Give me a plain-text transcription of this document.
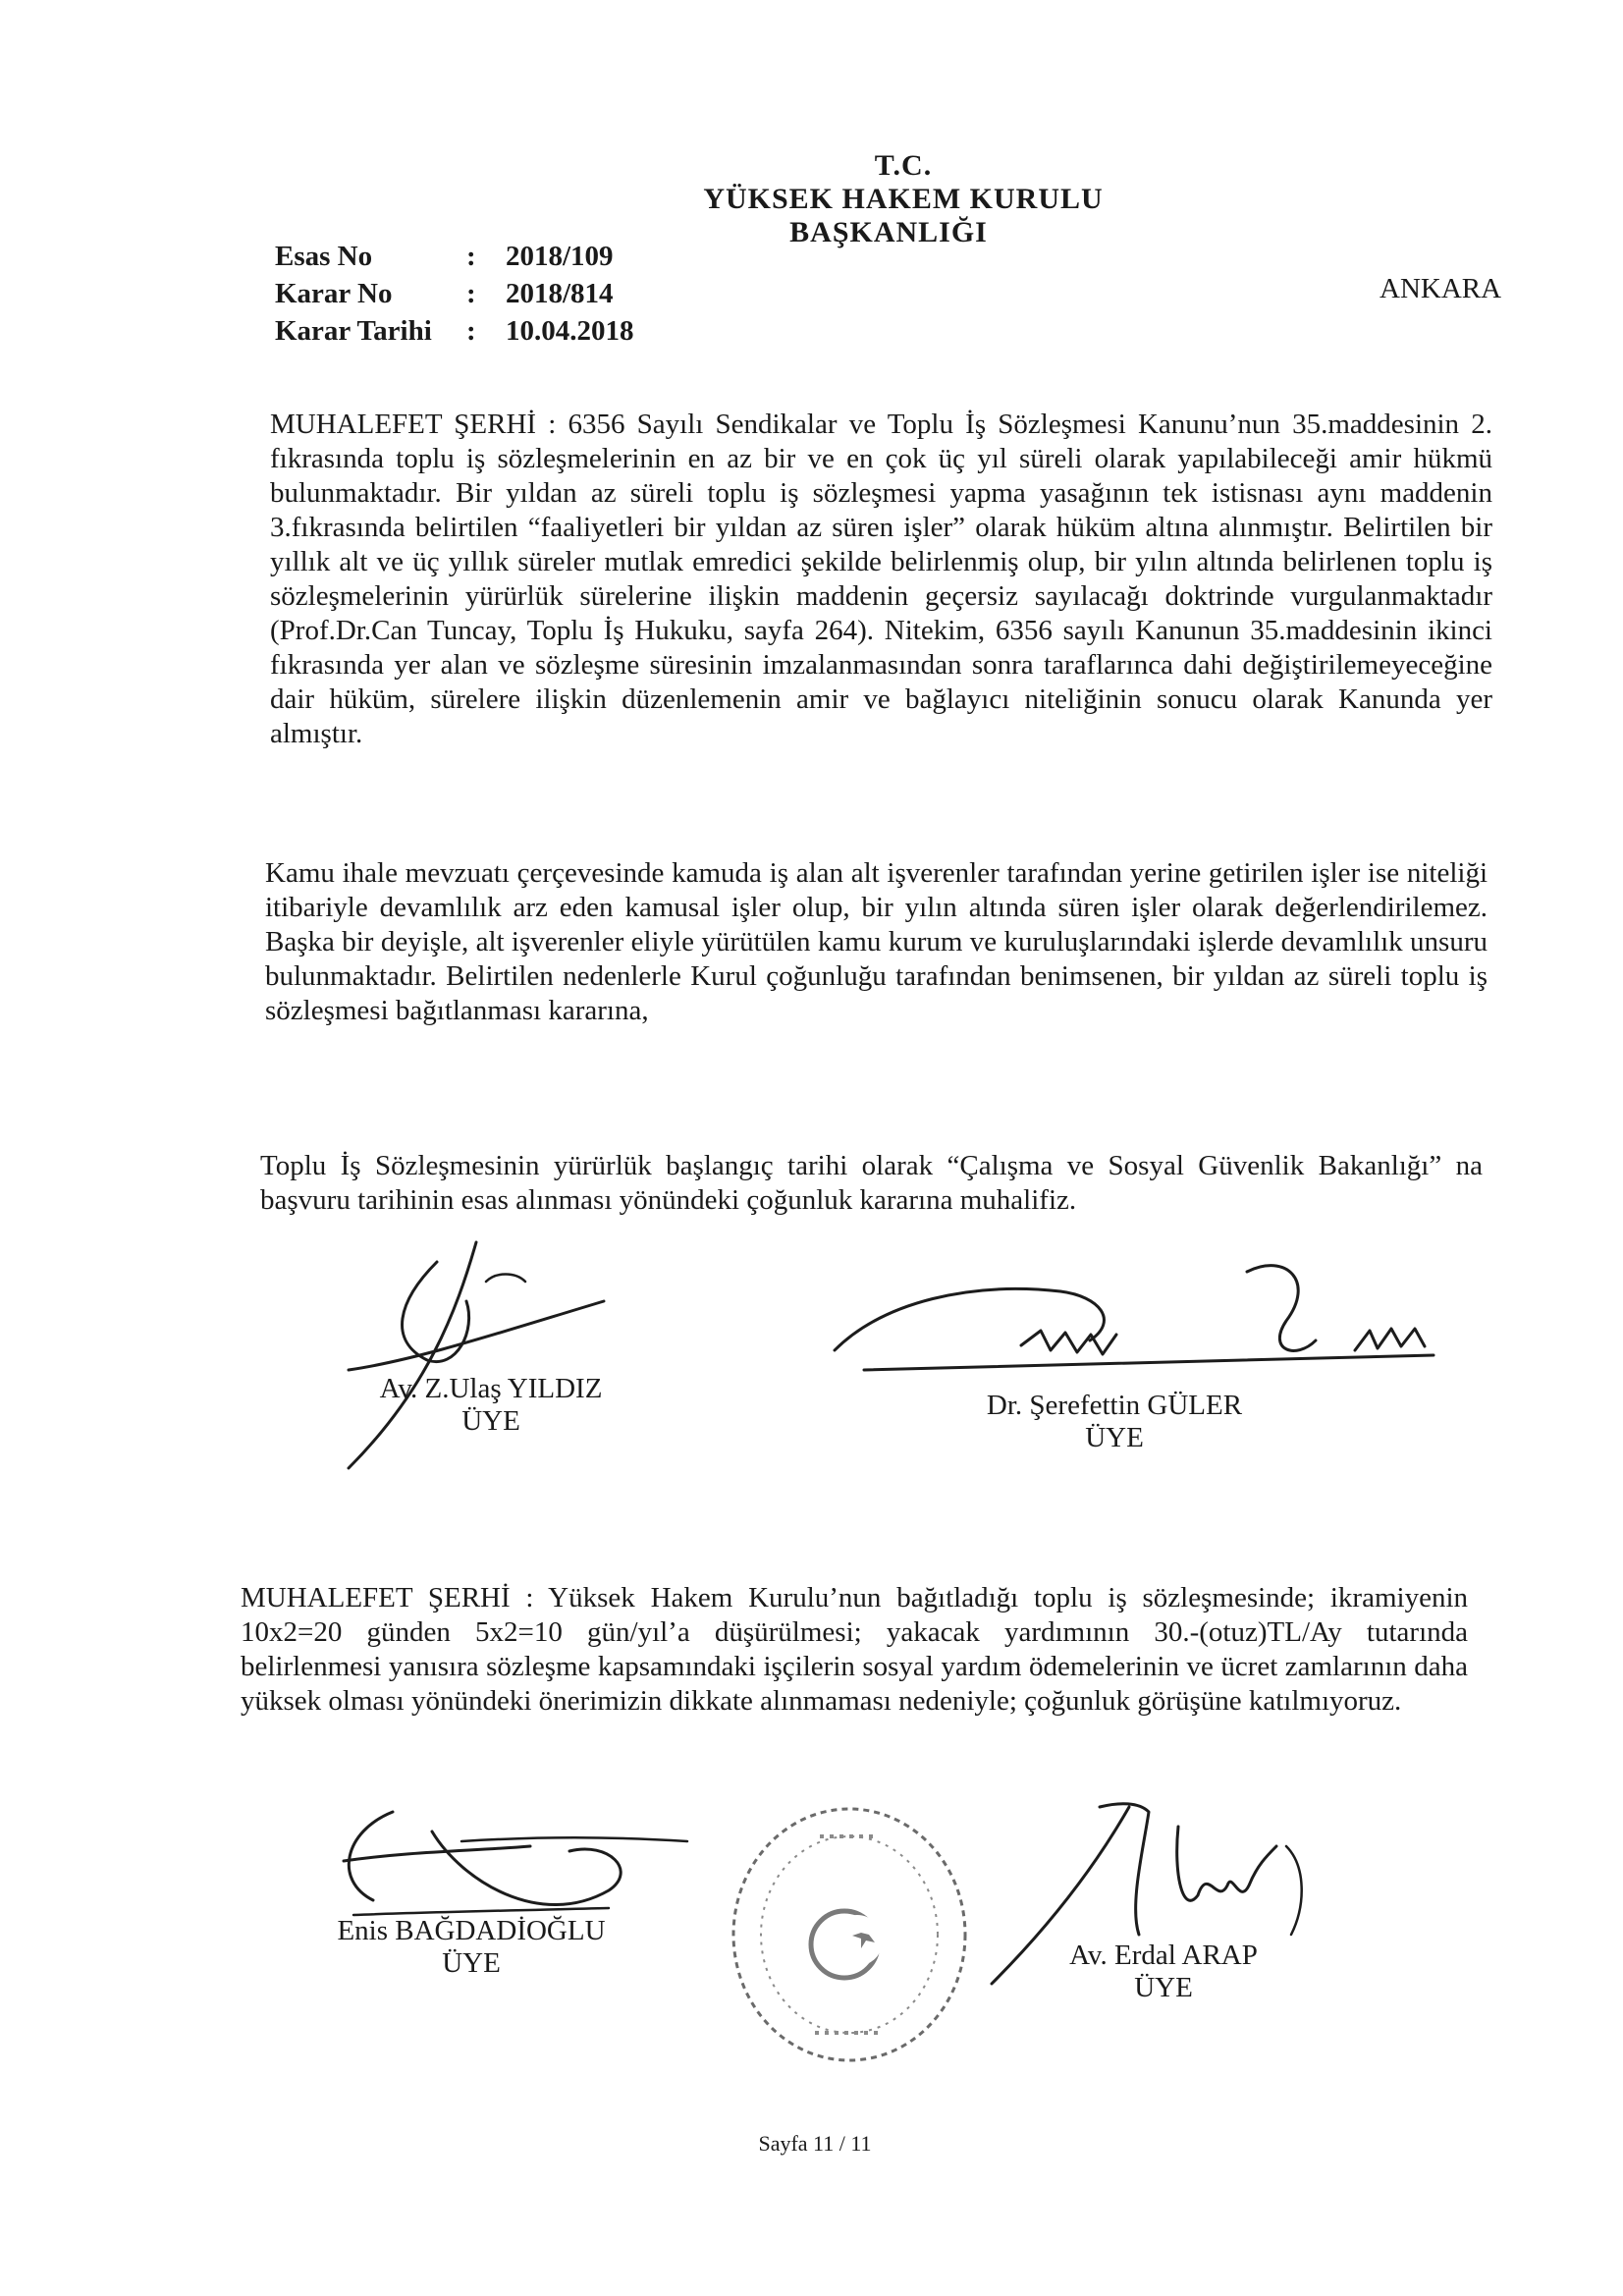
T.C.
YÜKSEK HAKEM KURULU
BAŞKANLIĞI
ANKARA
Esas No	: 2018/109
Karar No	: 2018/814
Karar Tarihi : 10.04.2018
MUHALEFET ŞERHİ : 6356 Sayılı Sendikalar ve Toplu İş Sözleşmesi Kanunu’nun 35.maddesinin 2. fıkrasında toplu iş sözleşmelerinin en az bir ve en çok üç yıl süreli olarak yapılabileceği amir hükmü bulunmaktadır. Bir yıldan az süreli toplu iş sözleşmesi yapma yasağının tek istisnası aynı maddenin 3.fıkrasında belirtilen “faaliyetleri bir yıldan az süren işler” olarak hüküm altına alınmıştır. Belirtilen bir yıllık alt ve üç yıllık süreler mutlak emredici şekilde belirlenmiş olup, bir yılın altında belirlenen toplu iş sözleşmelerinin yürürlük sürelerine ilişkin maddenin geçersiz sayılacağı doktrinde vurgulanmaktadır (Prof.Dr.Can Tuncay, Toplu İş Hukuku, sayfa 264). Nitekim, 6356 sayılı Kanunun 35.maddesinin ikinci fıkrasında yer alan ve sözleşme süresinin imzalanmasından sonra taraflarınca dahi değiştirilemeyeceğine dair hüküm, sürelere ilişkin düzenlemenin amir ve bağlayıcı niteliğinin sonucu olarak Kanunda yer almıştır.
Kamu ihale mevzuatı çerçevesinde kamuda iş alan alt işverenler tarafından yerine getirilen işler ise niteliği itibariyle devamlılık arz eden kamusal işler olup, bir yılın altında süren işler olarak değerlendirilemez. Başka bir deyişle, alt işverenler eliyle yürütülen kamu kurum ve kuruluşlarındaki işlerde devamlılık unsuru bulunmaktadır. Belirtilen nedenlerle Kurul çoğunluğu tarafından benimsenen, bir yıldan az süreli toplu iş sözleşmesi bağıtlanması kararına,
Toplu İş Sözleşmesinin yürürlük başlangıç tarihi olarak “Çalışma ve Sosyal Güvenlik Bakanlığı” na başvuru tarihinin esas alınması yönündeki çoğunluk kararına muhalifiz.
Av. Z.Ulaş YILDIZ
ÜYE	Dr. Şerefettin GÜLER
ÜYE
MUHALEFET ŞERHİ : Yüksek Hakem Kurulu’nun bağıtladığı toplu iş sözleşmesinde; ikramiyenin 10x2=20 günden 5x2=10 gün/yıl’a düşürülmesi; yakacak yardımının 30.-(otuz)TL/Ay tutarında belirlenmesi yanısıra sözleşme kapsamındaki işçilerin sosyal yardım ödemelerinin ve ücret zamlarının daha yüksek olması yönündeki önerimizin dikkate alınmaması nedeniyle; çoğunluk görüşüne katılmıyoruz.
Enis BAĞDADİOĞLU
ÜYE	Av. Erdal ARAP
ÜYE
Sayfa 11 / 11
